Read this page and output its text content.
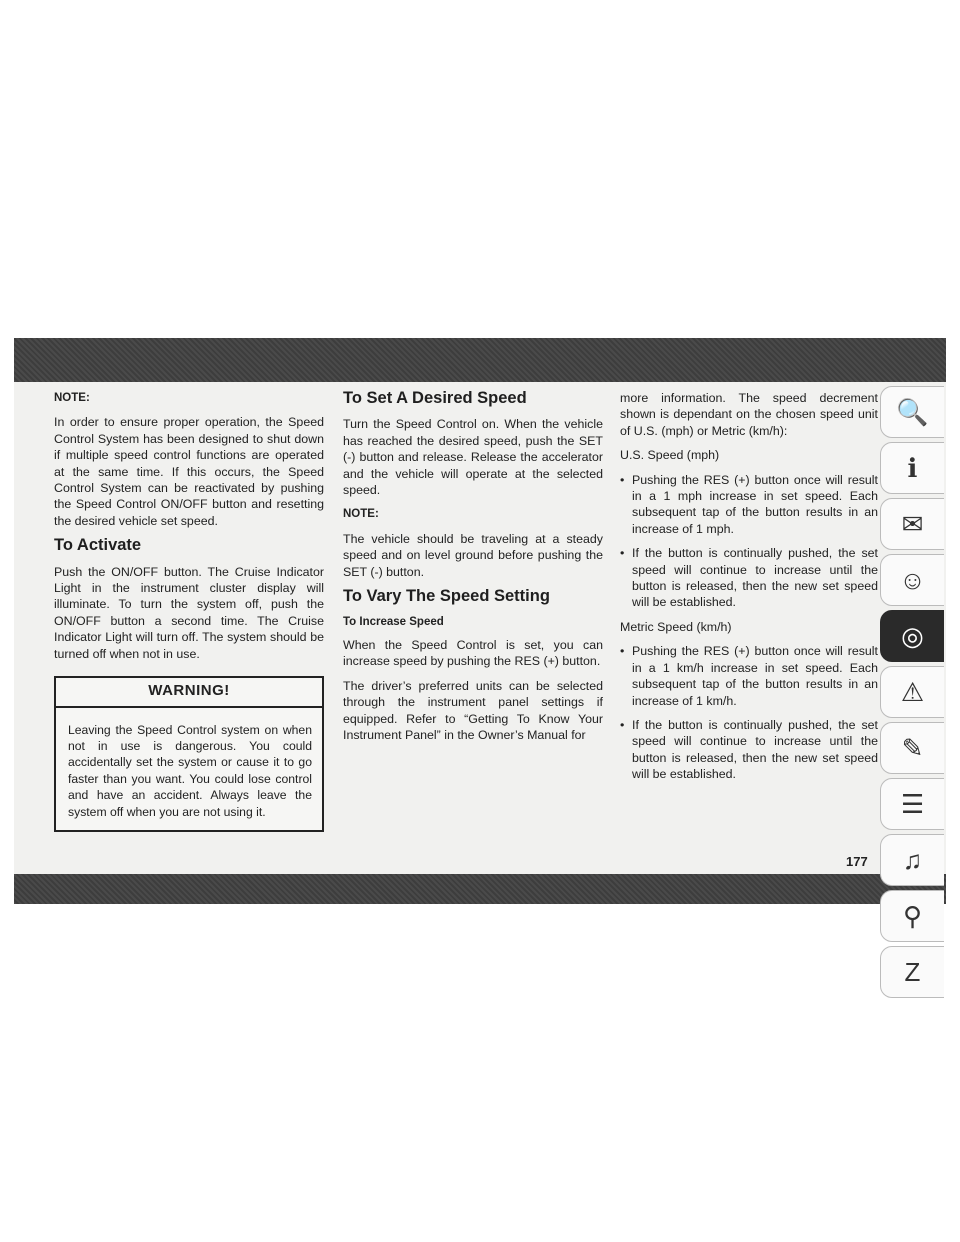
NOTE:

In order to ensure proper operation, the Speed Control System has been designed to shut down if multiple speed control functions are operated at the same time. If this occurs, the Speed Control System can be reactivated by pushing the Speed Control ON/OFF button and resetting the desired vehicle set speed.

To Activate

Push the ON/OFF button. The Cruise Indicator Light in the instrument cluster display will illuminate. To turn the system off, push the ON/OFF button a second time. The Cruise Indicator Light will turn off. The system should be turned off when not in use.

WARNING!
Leaving the Speed Control system on when not in use is dangerous. You could accidentally set the system or cause it to go faster than you want. You could lose control and have an accident. Always leave the system off when you are not using it.
To Set A Desired Speed

Turn the Speed Control on. When the vehicle has reached the desired speed, push the SET (-) button and release. Release the accelerator and the vehicle will operate at the selected speed.

NOTE:

The vehicle should be traveling at a steady speed and on level ground before pushing the SET (-) button.

To Vary The Speed Setting
To Increase Speed

When the Speed Control is set, you can increase speed by pushing the RES (+) button.

The driver’s preferred units can be selected through the instrument panel settings if equipped. Refer to “Getting To Know Your Instrument Panel” in the Owner’s Manual for

more information. The speed decrement shown is dependant on the chosen speed unit of U.S. (mph) or Metric (km/h):

U.S. Speed (mph)

• Pushing the RES (+) button once will result in a 1 mph increase in set speed. Each subsequent tap of the button results in an increase of 1 mph.
• If the button is continually pushed, the set speed will continue to increase until the button is released, then the new set speed will be established.

Metric Speed (km/h)

• Pushing the RES (+) button once will result in a 1 km/h increase in set speed. Each subsequent tap of the button results in an increase of 1 km/h.
• If the button is continually pushed, the set speed will continue to increase until the button is released, then the new set speed will be established.
🔍
ℹ
✉
☺
◎
⚠
✎
☰
♫
⚲
Z
177
